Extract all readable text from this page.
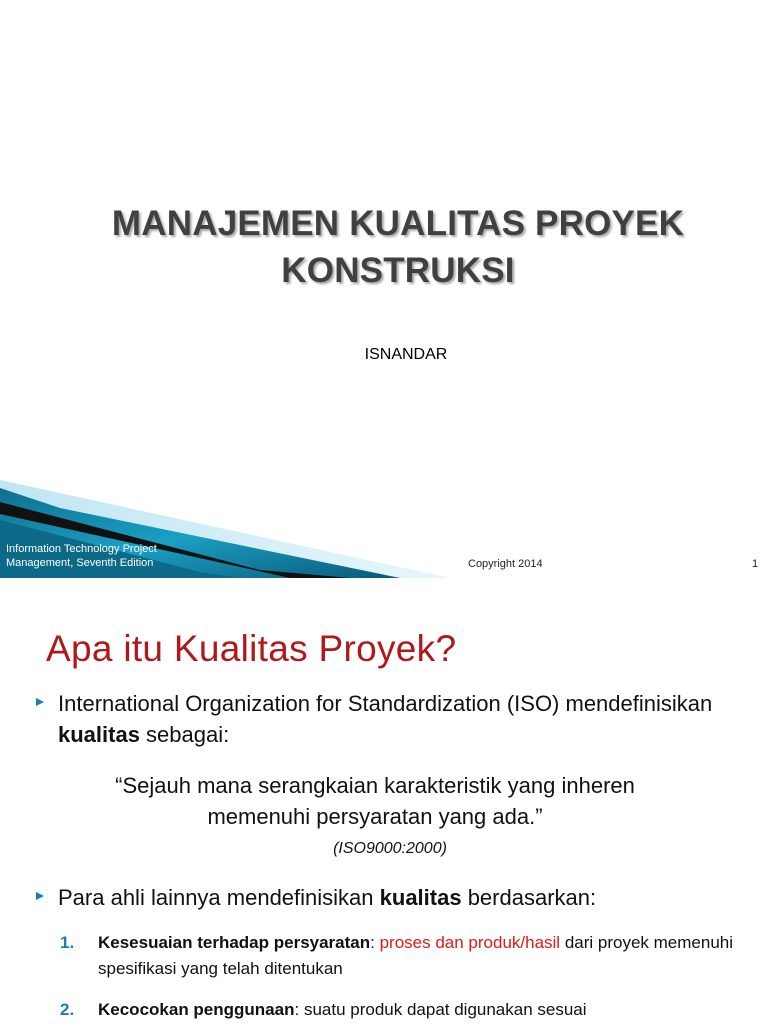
MANAJEMEN KUALITAS PROYEK
KONSTRUKSI
ISNANDAR
Information Technology Project
Management, Seventh Edition	Copyright 2014	1
Apa itu Kualitas Proyek?
International Organization for Standardization (ISO) mendefinisikan kualitas sebagai:
“Sejauh mana serangkaian karakteristik yang inheren
memenuhi persyaratan yang ada.”
(ISO9000:2000)
Para ahli lainnya mendefinisikan kualitas berdasarkan:
1. Kesesuaian terhadap persyaratan: proses dan produk/hasil dari proyek memenuhi spesifikasi yang telah ditentukan
2. Kecocokan penggunaan: suatu produk dapat digunakan sesuai
